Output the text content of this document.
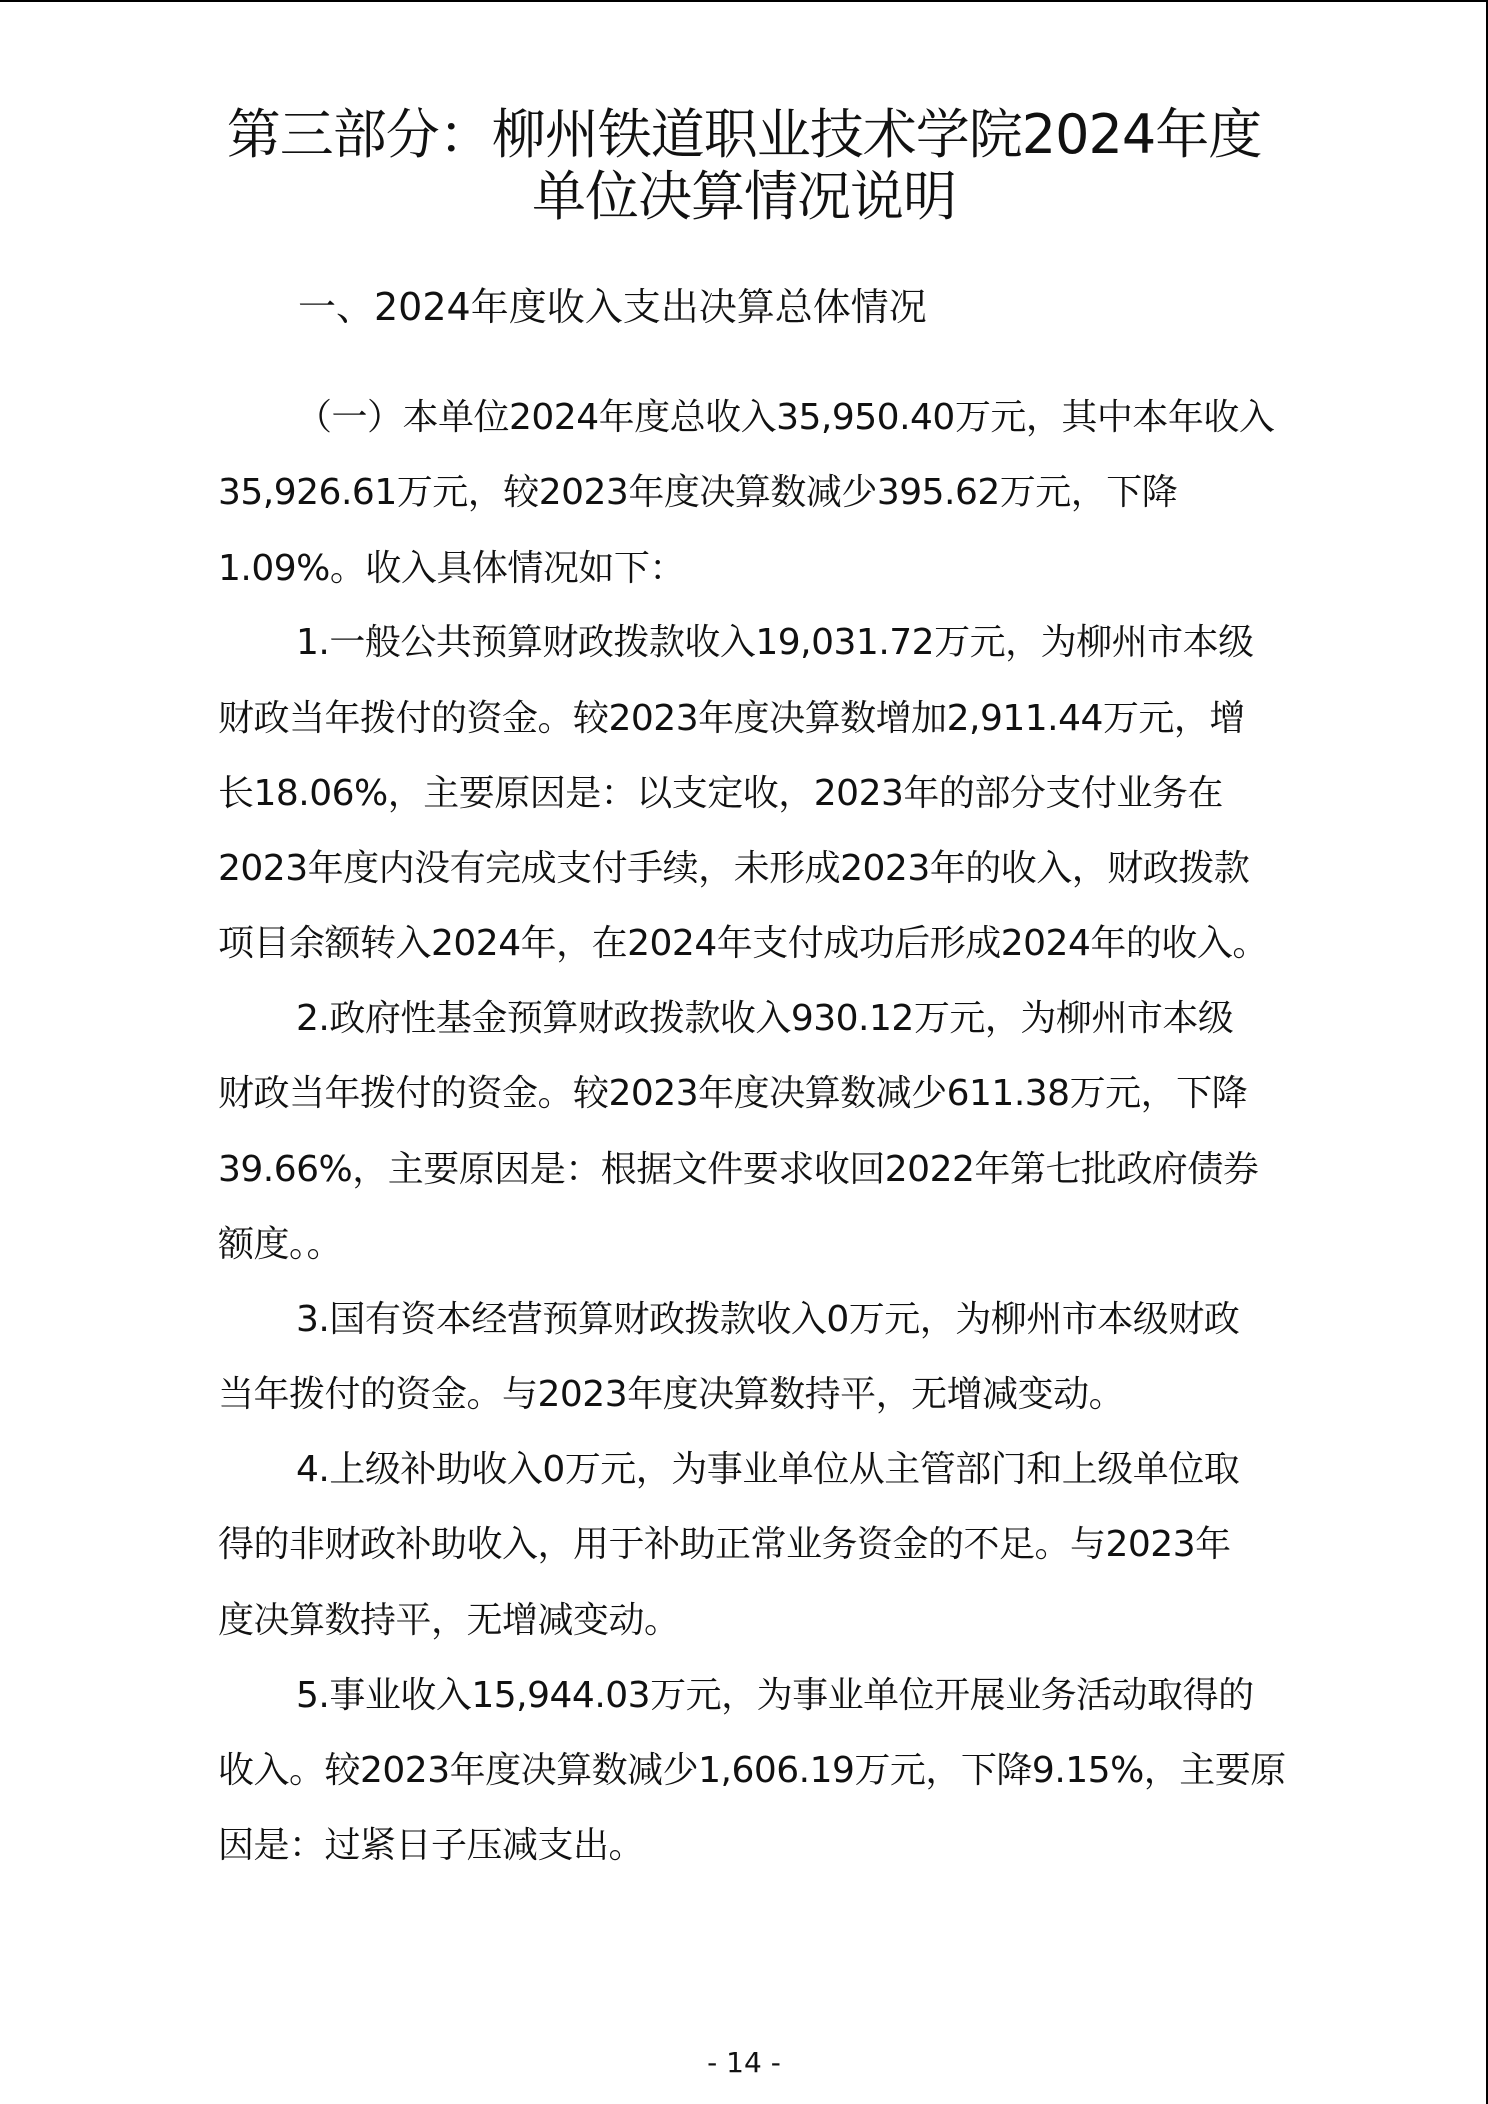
第三部分：柳州铁道职业技术学院2024年度
单位决算情况说明
一、2024年度收入支出决算总体情况
（一）本单位2024年度总收入35,950.40万元，其中本年收入
35,926.61万元，较2023年度决算数减少395.62万元，下降
1.09%。收入具体情况如下：
1.一般公共预算财政拨款收入19,031.72万元，为柳州市本级
财政当年拨付的资金。较2023年度决算数增加2,911.44万元，增
长18.06%，主要原因是：以支定收，2023年的部分支付业务在
2023年度内没有完成支付手续，未形成2023年的收入，财政拨款
项目余额转入2024年，在2024年支付成功后形成2024年的收入。
2.政府性基金预算财政拨款收入930.12万元，为柳州市本级
财政当年拨付的资金。较2023年度决算数减少611.38万元，下降
39.66%，主要原因是：根据文件要求收回2022年第七批政府债券
额度。。
3.国有资本经营预算财政拨款收入0万元，为柳州市本级财政
当年拨付的资金。与2023年度决算数持平，无增减变动。
4.上级补助收入0万元，为事业单位从主管部门和上级单位取
得的非财政补助收入，用于补助正常业务资金的不足。与2023年
度决算数持平，无增减变动。
5.事业收入15,944.03万元，为事业单位开展业务活动取得的
收入。较2023年度决算数减少1,606.19万元，下降9.15%，主要原
因是：过紧日子压减支出。
- 14 -
